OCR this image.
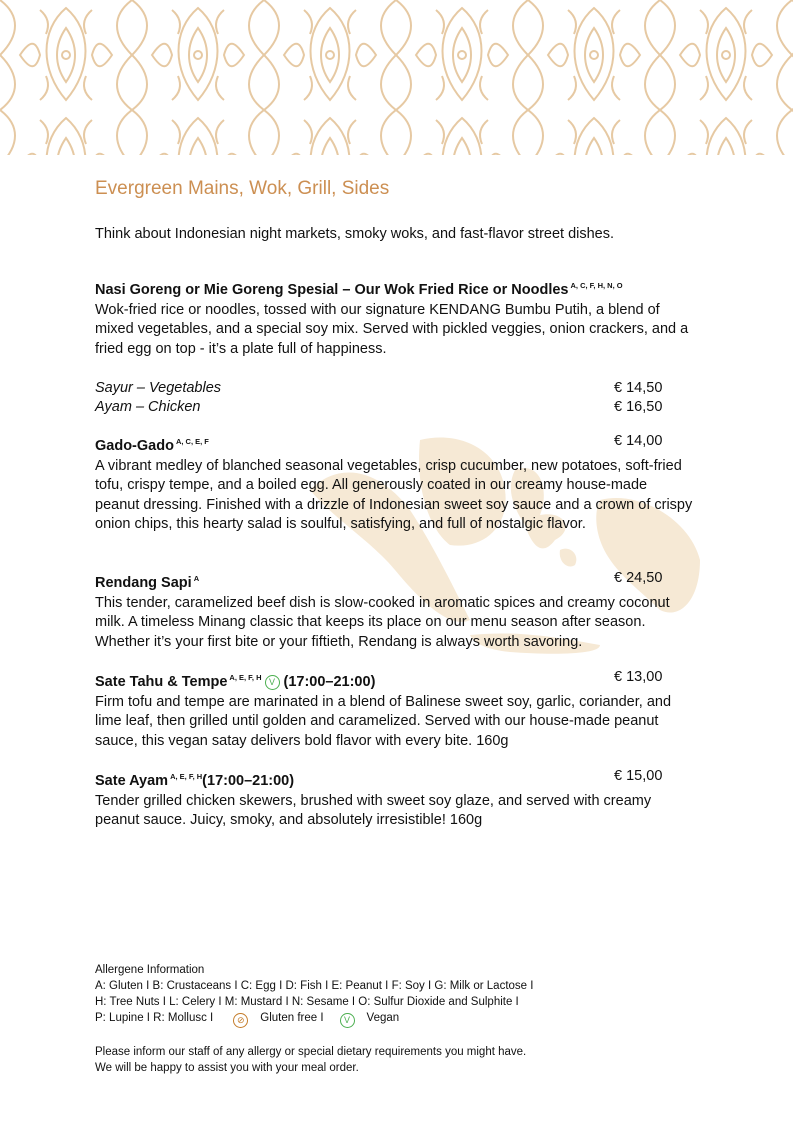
Evergreen Mains, Wok, Grill, Sides
Think about Indonesian night markets, smoky woks, and fast-flavor street dishes.
Nasi Goreng or Mie Goreng Spesial – Our Wok Fried Rice or Noodles $^{A, C, F, H, N, O}$

Wok-fried rice or noodles, tossed with our signature KENDANG Bumbu Putih, a blend of mixed vegetables, and a special soy mix. Served with pickled veggies, onion crackers, and a fried egg on top - it’s a plate full of happiness.

Sayur – Vegetables	€ 14,50
Ayam – Chicken	€ 16,50
Gado-Gado $^{A, C, E, F}$	€ 14,00

A vibrant medley of blanched seasonal vegetables, crisp cucumber, new potatoes, soft-fried tofu, crispy tempe, and a boiled egg. All generously coated in our creamy house-made peanut dressing. Finished with a drizzle of Indonesian sweet soy sauce and a crown of crispy onion chips, this hearty salad is soulful, satisfying, and full of nostalgic flavor.

Rendang Sapi $^A$	€ 24,50

This tender, caramelized beef dish is slow-cooked in aromatic spices and creamy coconut milk. A timeless Minang classic that keeps its place on our menu season after season. Whether it’s your first bite or your fiftieth, Rendang is always worth savoring.

Sate Tahu & Tempe $^{A, E, F, H}$ V (17:00–21:00)	€ 13,00

Firm tofu and tempe are marinated in a blend of Balinese sweet soy, garlic, coriander, and lime leaf, then grilled until golden and caramelized. Served with our house-made peanut sauce, this vegan satay delivers bold flavor with every bite. 160g

Sate Ayam $^{A, E, F, H}$(17:00–21:00)	€ 15,00

Tender grilled chicken skewers, brushed with sweet soy glaze, and served with creamy peanut sauce. Juicy, smoky, and absolutely irresistible! 160g

Allergene Information
A: Gluten I B: Crustaceans I C: Egg I D: Fish I E: Peanut I F: Soy I G: Milk or Lactose I
H: Tree Nuts I L: Celery I M: Mustard I N: Sesame I O: Sulfur Dioxide and Sulphite I
P: Lupine I R: Mollusc I	⊘ Gluten free I V Vegan
Please inform our staff of any allergy or special dietary requirements you might have.
We will be happy to assist you with your meal order.
